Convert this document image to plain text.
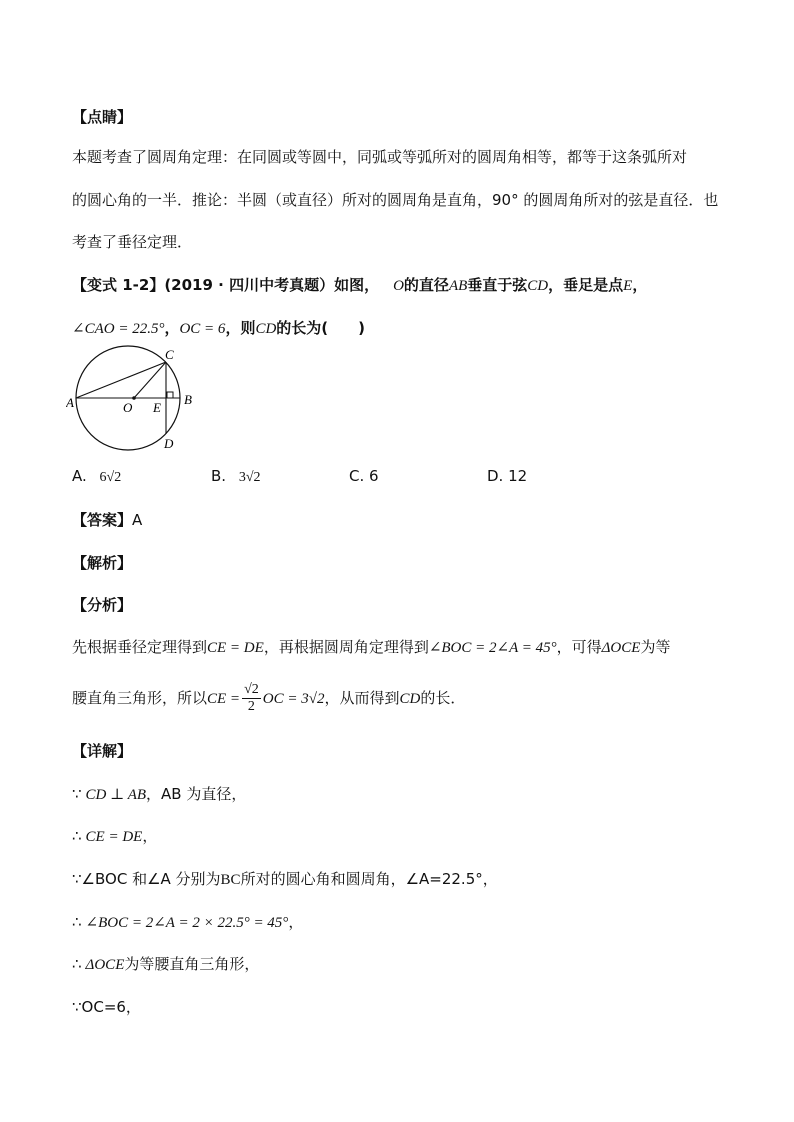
【点睛】
本题考查了圆周角定理：在同圆或等圆中，同弧或等弧所对的圆周角相等，都等于这条弧所对
的圆心角的一半．推论：半圆（或直径）所对的圆周角是直角，90° 的圆周角所对的弦是直径．也
考查了垂径定理．
【变式 1-2】(2019 · 四川中考真题）如图， O的直径AB垂直于弦CD，垂足是点E，
∠CAO = 22.5°，OC = 6，则CD的长为(　　)
A	B
C
D
O E
A. 6√2	B. 3√2	C. 6	D. 12
【答案】A
【解析】
【分析】
先根据垂径定理得到CE = DE，再根据圆周角定理得到∠BOC = 2∠A = 45°，可得ΔOCE为等
腰直角三角形，所以CE = $\frac{√2}{2}$ OC = 3√2，从而得到CD的长．
【详解】
∵ CD ⊥ AB，AB 为直径，
∴ CE = DE，
∵∠BOC 和∠A 分别为BC所对的圆心角和圆周角，∠A=22.5°，
∴ ∠BOC = 2∠A = 2 × 22.5° = 45°，
∴ ΔOCE为等腰直角三角形，
∵OC=6，
